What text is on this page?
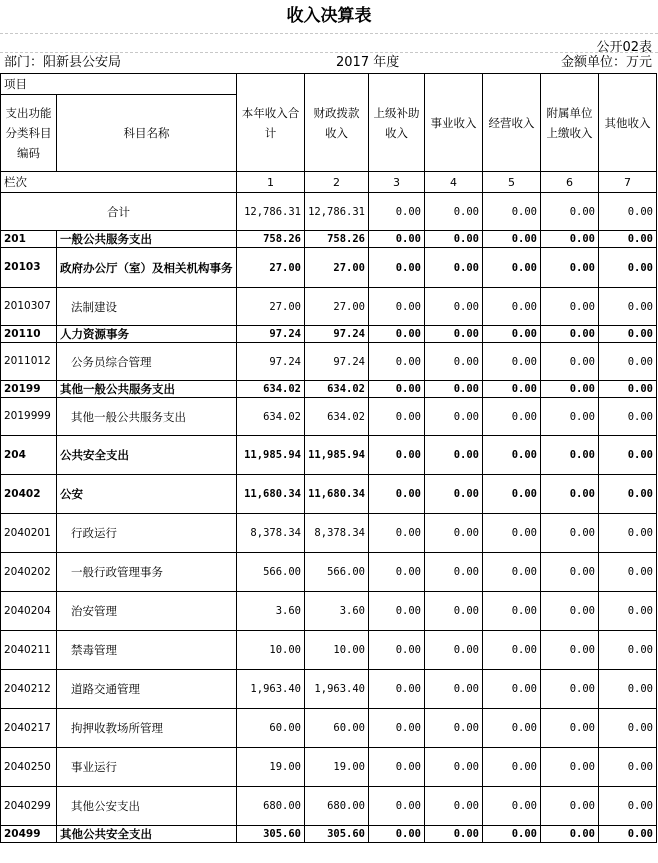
收入决算表
公开02表
部门：阳新县公安局	2017 年度	金额单位：万元
项目		本年收入合计	财政拨款收入	上级补助收入	事业收入	经营收入	附属单位上缴收入	其他收入
支出功能分类科目编码	科目名称							
栏次		1	2	3	4	5	6	7
合计		12,786.31	12,786.31	0.00	0.00	0.00	0.00	0.00
201	一般公共服务支出	758.26	758.26	0.00	0.00	0.00	0.00	0.00
20103	政府办公厅（室）及相关机构事务	27.00	27.00	0.00	0.00	0.00	0.00	0.00
2010307	法制建设	27.00	27.00	0.00	0.00	0.00	0.00	0.00
20110	人力资源事务	97.24	97.24	0.00	0.00	0.00	0.00	0.00
2011012	公务员综合管理	97.24	97.24	0.00	0.00	0.00	0.00	0.00
20199	其他一般公共服务支出	634.02	634.02	0.00	0.00	0.00	0.00	0.00
2019999	其他一般公共服务支出	634.02	634.02	0.00	0.00	0.00	0.00	0.00
204	公共安全支出	11,985.94	11,985.94	0.00	0.00	0.00	0.00	0.00
20402	公安	11,680.34	11,680.34	0.00	0.00	0.00	0.00	0.00
2040201	行政运行	8,378.34	8,378.34	0.00	0.00	0.00	0.00	0.00
2040202	一般行政管理事务	566.00	566.00	0.00	0.00	0.00	0.00	0.00
2040204	治安管理	3.60	3.60	0.00	0.00	0.00	0.00	0.00
2040211	禁毒管理	10.00	10.00	0.00	0.00	0.00	0.00	0.00
2040212	道路交通管理	1,963.40	1,963.40	0.00	0.00	0.00	0.00	0.00
2040217	拘押收教场所管理	60.00	60.00	0.00	0.00	0.00	0.00	0.00
2040250	事业运行	19.00	19.00	0.00	0.00	0.00	0.00	0.00
2040299	其他公安支出	680.00	680.00	0.00	0.00	0.00	0.00	0.00
20499	其他公共安全支出	305.60	305.60	0.00	0.00	0.00	0.00	0.00
